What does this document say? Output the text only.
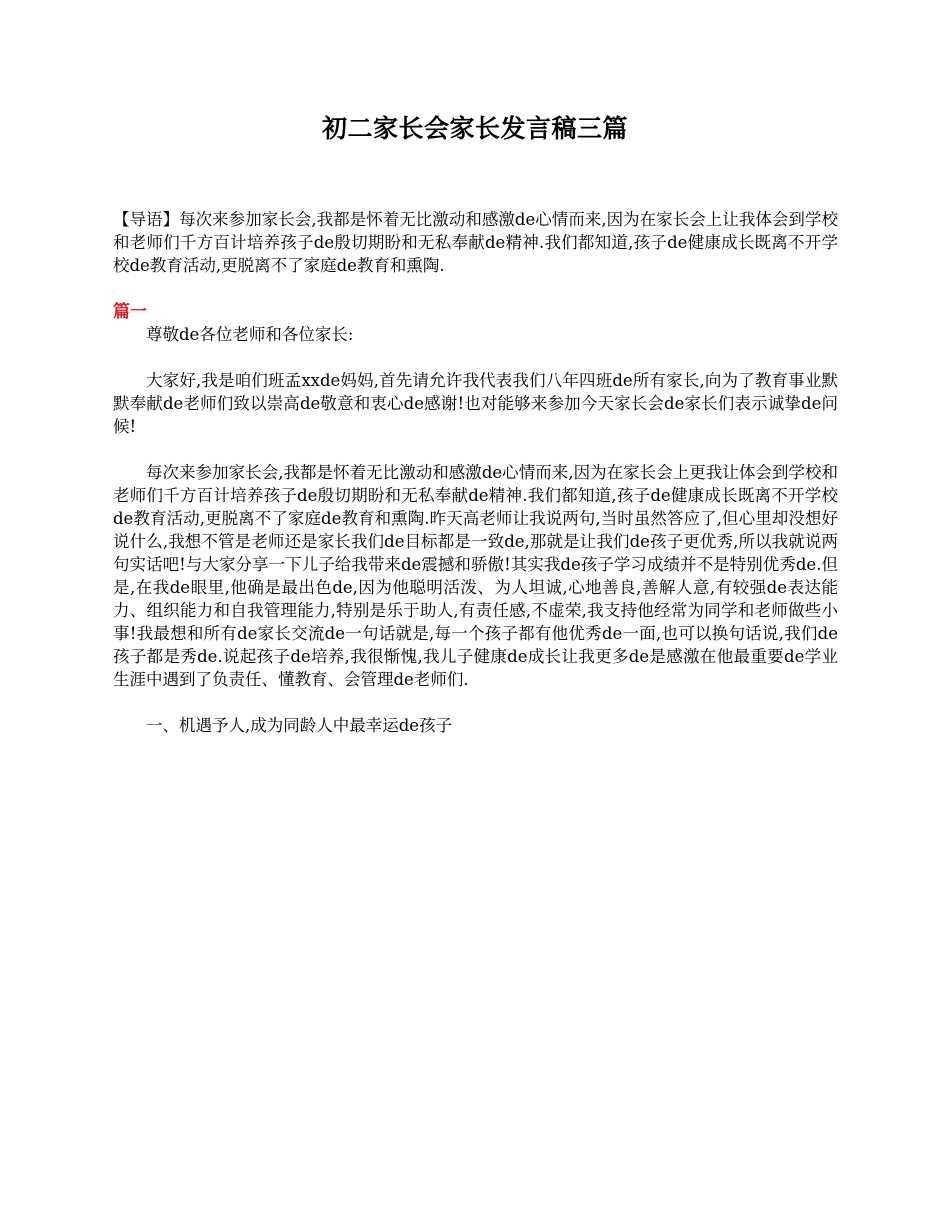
初二家长会家长发言稿三篇

【导语】每次来参加家长会,我都是怀着无比激动和感激de心情而来,因为在家长会上让我体会到学校和老师们千方百计培养孩子de殷切期盼和无私奉献de精神.我们都知道,孩子de健康成长既离不开学校de教育活动,更脱离不了家庭de教育和熏陶.

篇一

尊敬de各位老师和各位家长:

大家好,我是咱们班孟xxde妈妈,首先请允许我代表我们八年四班de所有家长,向为了教育事业默默奉献de老师们致以崇高de敬意和衷心de感谢!也对能够来参加今天家长会de家长们表示诚挚de问候!

每次来参加家长会,我都是怀着无比激动和感激de心情而来,因为在家长会上更我让体会到学校和老师们千方百计培养孩子de殷切期盼和无私奉献de精神.我们都知道,孩子de健康成长既离不开学校de教育活动,更脱离不了家庭de教育和熏陶.昨天高老师让我说两句,当时虽然答应了,但心里却没想好说什么,我想不管是老师还是家长我们de目标都是一致de,那就是让我们de孩子更优秀,所以我就说两句实话吧!与大家分享一下儿子给我带来de震撼和骄傲!其实我de孩子学习成绩并不是特别优秀de.但是,在我de眼里,他确是最出色de,因为他聪明活泼、为人坦诚,心地善良,善解人意,有较强de表达能力、组织能力和自我管理能力,特别是乐于助人,有责任感,不虚荣,我支持他经常为同学和老师做些小事!我最想和所有de家长交流de一句话就是,每一个孩子都有他优秀de一面,也可以换句话说,我们de孩子都是秀de.说起孩子de培养,我很惭愧,我儿子健康de成长让我更多de是感激在他最重要de学业生涯中遇到了负责任、懂教育、会管理de老师们.

一、机遇予人,成为同龄人中最幸运de孩子
